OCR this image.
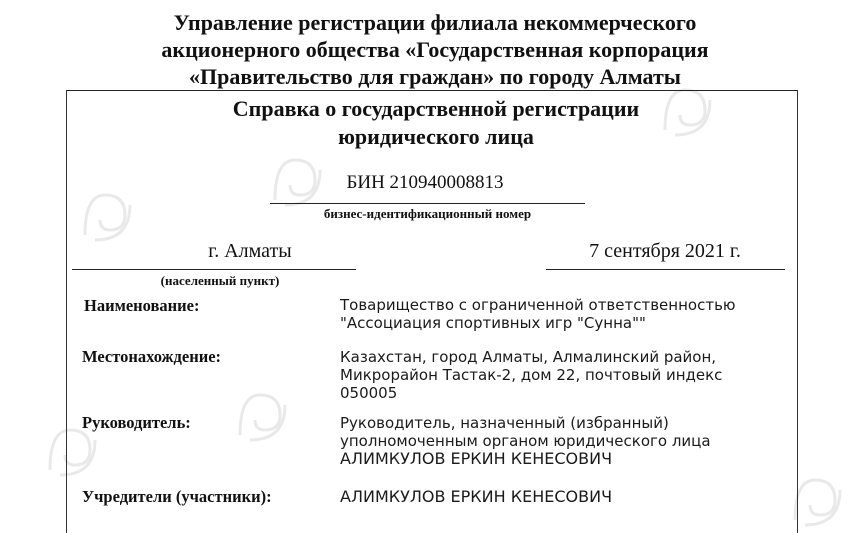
Управление регистрации филиала некоммерческого
акционерного общества «Государственная корпорация
«Правительство для граждан» по городу Алматы
Справка о государственной регистрации
юридического лица
БИН 210940008813
бизнес-идентификационный номер
г. Алматы
(населенный пункт)
7 сентября 2021 г.
Наименование:	Товарищество с ограниченной ответственностью
"Ассоциация спортивных игр "Сунна""
Местонахождение:	Казахстан, город Алматы, Алмалинский район,
Микрорайон Тастак-2, дом 22, почтовый индекс
050005
Руководитель:	Руководитель, назначенный (избранный)
уполномоченным органом юридического лица
АЛИМКУЛОВ ЕРКИН КЕНЕСОВИЧ
Учредители (участники):	АЛИМКУЛОВ ЕРКИН КЕНЕСОВИЧ
